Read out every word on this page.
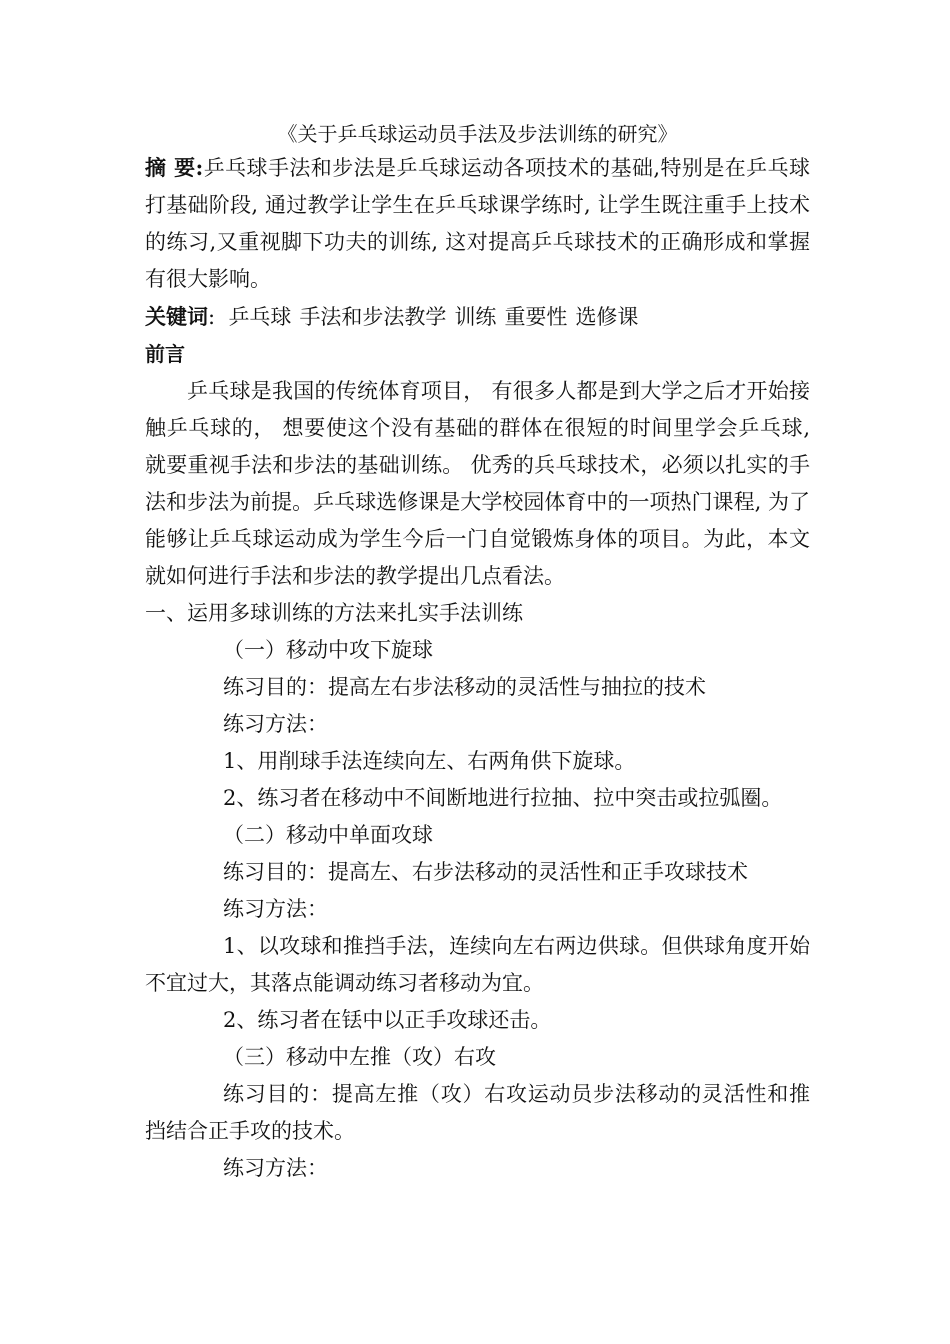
《关于乒乓球运动员手法及步法训练的研究》

摘 要:乒乓球手法和步法是乒乓球运动各项技术的基础,特别是在乒乓球打基础阶段, 通过教学让学生在乒乓球课学练时, 让学生既注重手上技术的练习,又重视脚下功夫的训练, 这对提高乒乓球技术的正确形成和掌握有很大影响。

关键词: 乒乓球 手法和步法教学 训练 重要性 选修课

前言

乒乓球是我国的传统体育项目， 有很多人都是到大学之后才开始接触乒乓球的， 想要使这个没有基础的群体在很短的时间里学会乒乓球, 就要重视手法和步法的基础训练。 优秀的兵乓球技术，必须以扎实的手法和步法为前提。乒乓球选修课是大学校园体育中的一项热门课程, 为了能够让乒乓球运动成为学生今后一门自觉锻炼身体的项目。为此，本文就如何进行手法和步法的教学提出几点看法。

一、运用多球训练的方法来扎实手法训练

（一）移动中攻下旋球

练习目的：提高左右步法移动的灵活性与抽拉的技术

练习方法：

1、用削球手法连续向左、右两角供下旋球。

2、练习者在移动中不间断地进行拉抽、拉中突击或拉弧圈。

（二）移动中单面攻球

练习目的：提高左、右步法移动的灵活性和正手攻球技术

练习方法：

1、以攻球和推挡手法，连续向左右两边供球。但供球角度开始不宜过大，其落点能调动练习者移动为宜。

2、练习者在铥中以正手攻球还击。

（三）移动中左推（攻）右攻

练习目的：提高左推（攻）右攻运动员步法移动的灵活性和推挡结合正手攻的技术。

练习方法：
